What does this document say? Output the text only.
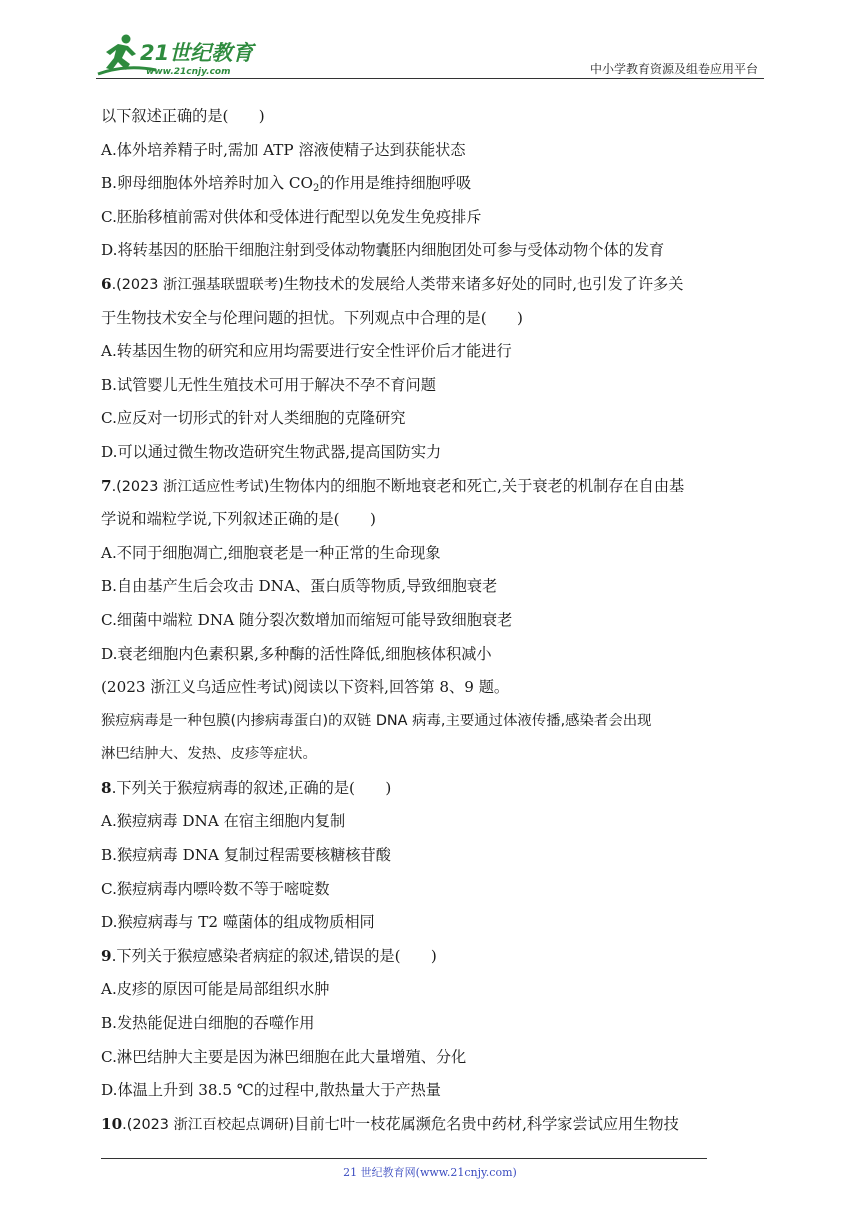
21世纪教育
www.21cnjy.com	中小学教育资源及组卷应用平台
以下叙述正确的是(　　)
A.体外培养精子时,需加 ATP 溶液使精子达到获能状态
B.卵母细胞体外培养时加入 $CO_2$的作用是维持细胞呼吸
C.胚胎移植前需对供体和受体进行配型以免发生免疫排斥
D.将转基因的胚胎干细胞注射到受体动物囊胚内细胞团处可参与受体动物个体的发育
6.(2023 浙江强基联盟联考)生物技术的发展给人类带来诸多好处的同时,也引发了许多关
于生物技术安全与伦理问题的担忧。下列观点中合理的是(　　)
A.转基因生物的研究和应用均需要进行安全性评价后才能进行
B.试管婴儿无性生殖技术可用于解决不孕不育问题
C.应反对一切形式的针对人类细胞的克隆研究
D.可以通过微生物改造研究生物武器,提高国防实力
7.(2023 浙江适应性考试)生物体内的细胞不断地衰老和死亡,关于衰老的机制存在自由基
学说和端粒学说,下列叙述正确的是(　　)
A.不同于细胞凋亡,细胞衰老是一种正常的生命现象
B.自由基产生后会攻击 DNA、蛋白质等物质,导致细胞衰老
C.细菌中端粒 DNA 随分裂次数增加而缩短可能导致细胞衰老
D.衰老细胞内色素积累,多种酶的活性降低,细胞核体积减小
(2023 浙江义乌适应性考试)阅读以下资料,回答第 8、9 题。
猴痘病毒是一种包膜(内掺病毒蛋白)的双链 DNA 病毒,主要通过体液传播,感染者会出现
淋巴结肿大、发热、皮疹等症状。
8.下列关于猴痘病毒的叙述,正确的是(　　)
A.猴痘病毒 DNA 在宿主细胞内复制
B.猴痘病毒 DNA 复制过程需要核糖核苷酸
C.猴痘病毒内嘌呤数不等于嘧啶数
D.猴痘病毒与 T2 噬菌体的组成物质相同
9.下列关于猴痘感染者病症的叙述,错误的是(　　)
A.皮疹的原因可能是局部组织水肿
B.发热能促进白细胞的吞噬作用
C.淋巴结肿大主要是因为淋巴细胞在此大量增殖、分化
D.体温上升到 38.5 ℃的过程中,散热量大于产热量
10.(2023 浙江百校起点调研)目前七叶一枝花属濒危名贵中药材,科学家尝试应用生物技
21 世纪教育网(www.21cnjy.com)
